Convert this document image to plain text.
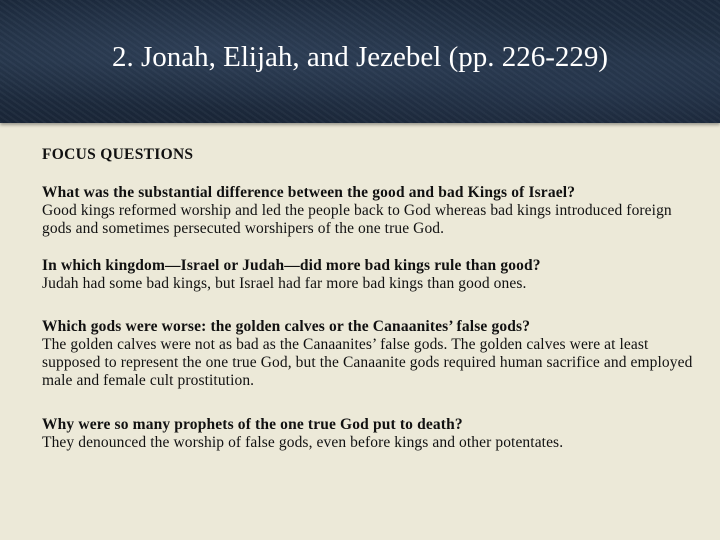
2. Jonah, Elijah, and Jezebel (pp. 226-229)
FOCUS QUESTIONS
What was the substantial difference between the good and bad Kings of Israel?
Good kings reformed worship and led the people back to God whereas bad kings introduced foreign gods and sometimes persecuted worshipers of the one true God.
In which kingdom—Israel or Judah—did more bad kings rule than good?
Judah had some bad kings, but Israel had far more bad kings than good ones.
Which gods were worse: the golden calves or the Canaanites’ false gods?
The golden calves were not as bad as the Canaanites’ false gods. The golden calves were at least supposed to represent the one true God, but the Canaanite gods required human sacrifice and employed male and female cult prostitution.
Why were so many prophets of the one true God put to death?
They denounced the worship of false gods, even before kings and other potentates.
